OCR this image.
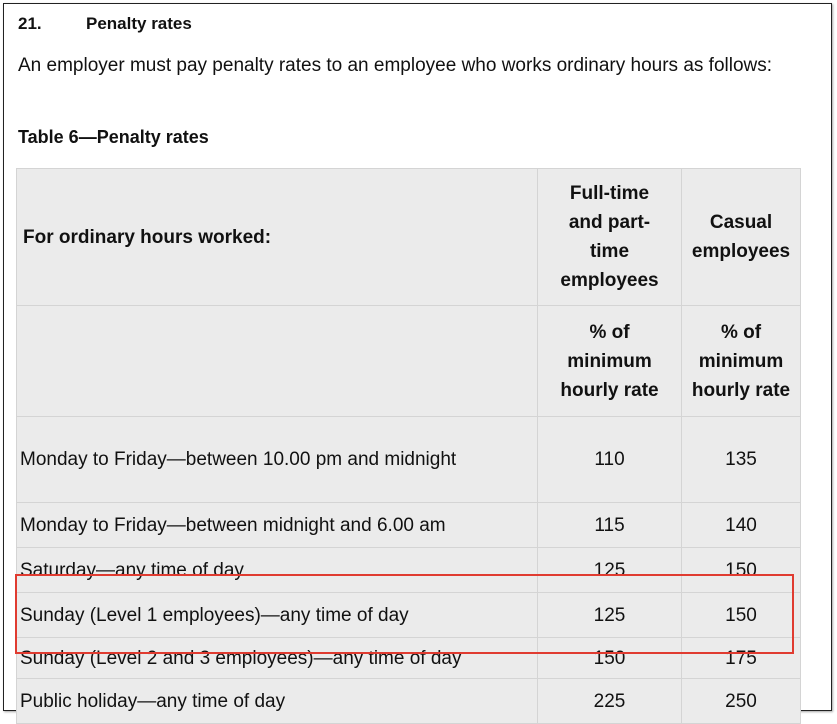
21.	Penalty rates
An employer must pay penalty rates to an employee who works ordinary hours as follows:
Table 6—Penalty rates
For ordinary hours worked:	Full-time and part-time employees	Casual employees

	% of minimum hourly rate	% of minimum hourly rate

Monday to Friday—between 10.00 pm and midnight	110	135
Monday to Friday—between midnight and 6.00 am	115	140
Saturday—any time of day	125	150
Sunday (Level 1 employees)—any time of day	125	150
Sunday (Level 2 and 3 employees)—any time of day	150	175
Public holiday—any time of day	225	250
